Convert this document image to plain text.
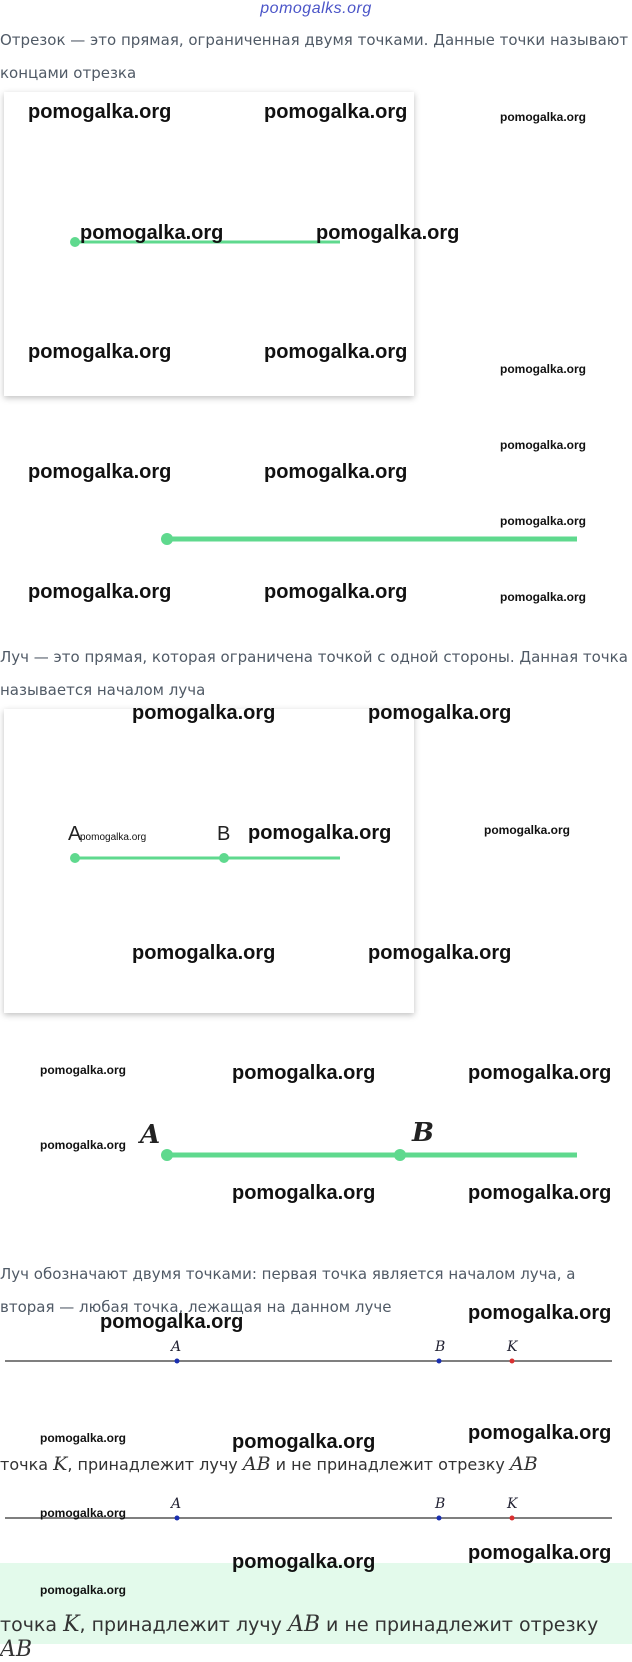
pomogalks.org
Отрезок — это прямая, ограниченная двумя точками. Данные точки называют
концами отрезка
Луч — это прямая, которая ограничена точкой с одной стороны. Данная точка
называется началом луча
A	B
A	B
Луч обозначают двумя точками: первая точка является началом луча, а
вторая — любая точка, лежащая на данном луче
A	B	K
точка K, принадлежит лучу AB и не принадлежит отрезку AB
A	B	K
точка K, принадлежит лучу AB и не принадлежит отрезку AB
pomogalka.org	pomogalka.org	pomogalka.org
pomogalka.org	pomogalka.org
pomogalka.org	pomogalka.org
pomogalka.org
pomogalka.org
pomogalka.org	pomogalka.org
pomogalka.org
pomogalka.org	pomogalka.org	pomogalka.org
pomogalka.org	pomogalka.org
pomogalka.org	pomogalka.org	pomogalka.org
pomogalka.org	pomogalka.org
pomogalka.org	pomogalka.org	pomogalka.org
pomogalka.org
pomogalka.org	pomogalka.org
pomogalka.org
pomogalka.org
pomogalka.org	pomogalka.org	pomogalka.org
pomogalka.org
pomogalka.org
pomogalka.org
pomogalka.org
